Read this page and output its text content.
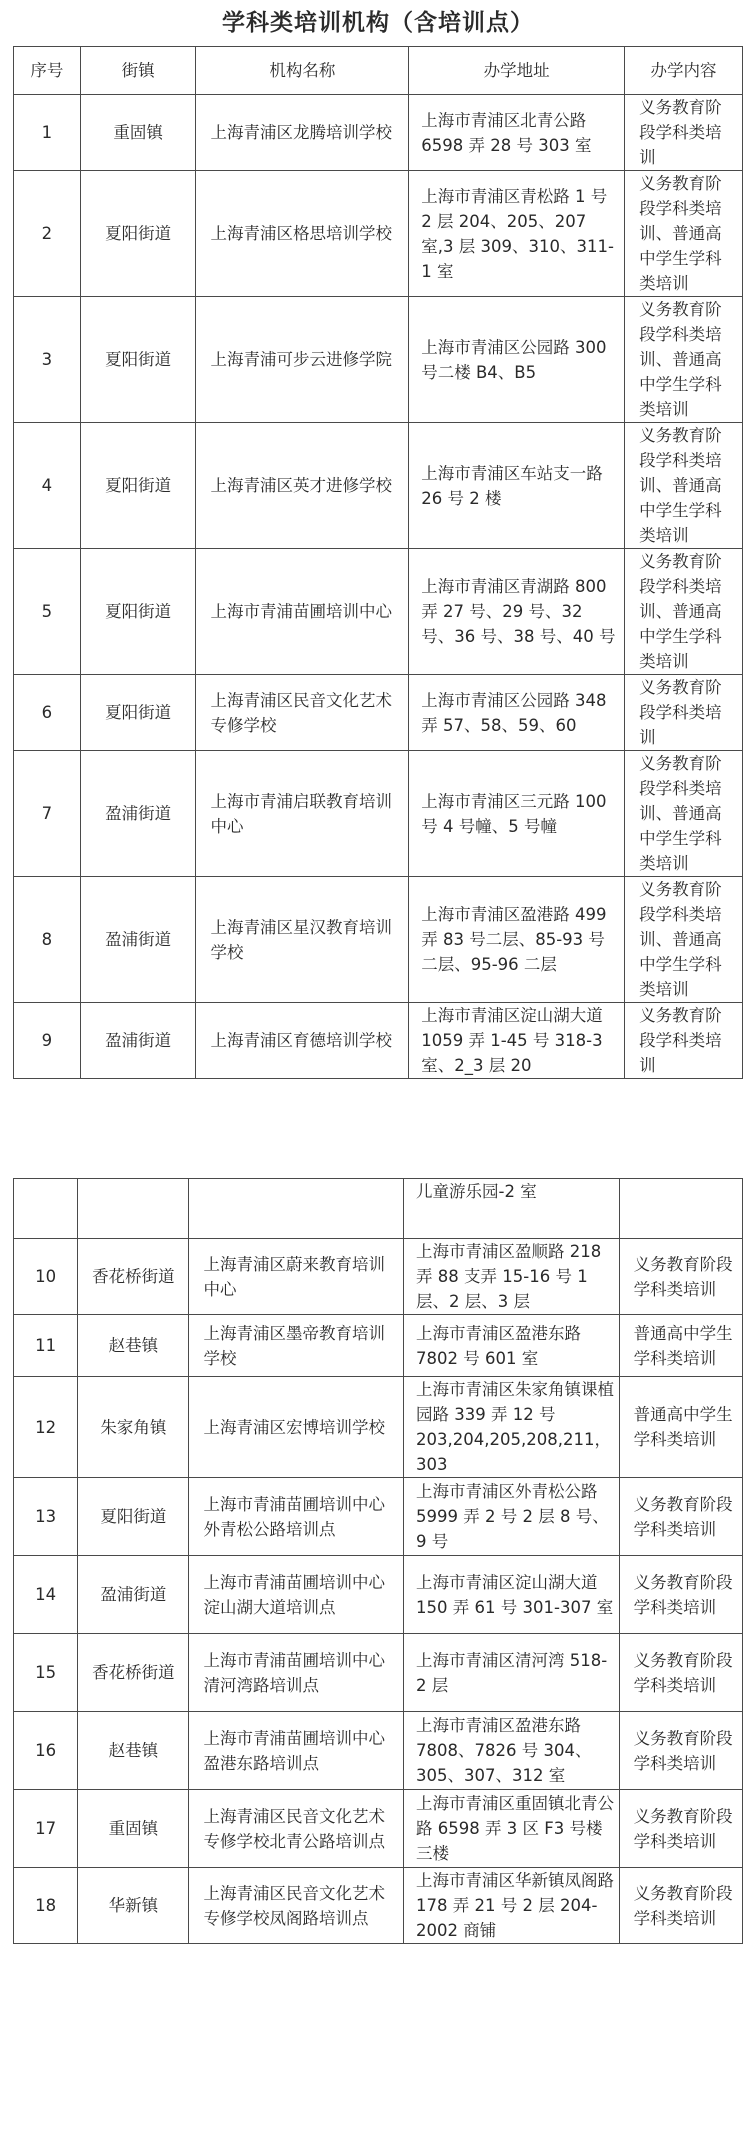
学科类培训机构（含培训点）
序号	街镇	机构名称	办学地址	办学内容

1	重固镇	上海青浦区龙腾培训学校	上海市青浦区北青公路 6598 弄 28 号 303 室	义务教育阶段学科类培训

2	夏阳街道	上海青浦区格思培训学校	上海市青浦区青松路 1 号 2 层 204、205、207 室,3 层 309、310、311-1 室	义务教育阶段学科类培训、普通高中学生学科类培训

3	夏阳街道	上海青浦可步云进修学院	上海市青浦区公园路 300 号二楼 B4、B5	义务教育阶段学科类培训、普通高中学生学科类培训

4	夏阳街道	上海青浦区英才进修学校	上海市青浦区车站支一路 26 号 2 楼	义务教育阶段学科类培训、普通高中学生学科类培训

5	夏阳街道	上海市青浦苗圃培训中心	上海市青浦区青湖路 800 弄 27 号、29 号、32 号、36 号、38 号、40 号	义务教育阶段学科类培训、普通高中学生学科类培训

6	夏阳街道	上海青浦区民音文化艺术专修学校	上海市青浦区公园路 348 弄 57、58、59、60	义务教育阶段学科类培训

7	盈浦街道	上海市青浦启联教育培训中心	上海市青浦区三元路 100 号 4 号幢、5 号幢	义务教育阶段学科类培训、普通高中学生学科类培训

8	盈浦街道	上海青浦区星汉教育培训学校	上海市青浦区盈港路 499 弄 83 号二层、85-93 号二层、95-96 二层	义务教育阶段学科类培训、普通高中学生学科类培训

9	盈浦街道	上海青浦区育德培训学校	上海市青浦区淀山湖大道 1059 弄 1-45 号 318-3 室、2_3 层 20	义务教育阶段学科类培训

			儿童游乐园-2 室	

10	香花桥街道	上海青浦区蔚来教育培训中心	上海市青浦区盈顺路 218 弄 88 支弄 15-16 号 1 层、2 层、3 层	义务教育阶段学科类培训

11	赵巷镇	上海青浦区墨帝教育培训学校	上海市青浦区盈港东路 7802 号 601 室	普通高中学生学科类培训

12	朱家角镇	上海青浦区宏博培训学校	上海市青浦区朱家角镇课植园路 339 弄 12 号 203,204,205,208,211，303	普通高中学生学科类培训

13	夏阳街道	上海市青浦苗圃培训中心外青松公路培训点	上海市青浦区外青松公路 5999 弄 2 号 2 层 8 号、9 号	义务教育阶段学科类培训

14	盈浦街道	上海市青浦苗圃培训中心淀山湖大道培训点	上海市青浦区淀山湖大道 150 弄 61 号 301-307 室	义务教育阶段学科类培训

15	香花桥街道	上海市青浦苗圃培训中心清河湾路培训点	上海市青浦区清河湾 518-2 层	义务教育阶段学科类培训

16	赵巷镇	上海市青浦苗圃培训中心盈港东路培训点	上海市青浦区盈港东路 7808、7826 号 304、305、307、312 室	义务教育阶段学科类培训

17	重固镇	上海青浦区民音文化艺术专修学校北青公路培训点	上海市青浦区重固镇北青公路 6598 弄 3 区 F3 号楼三楼	义务教育阶段学科类培训

18	华新镇	上海青浦区民音文化艺术专修学校凤阁路培训点	上海市青浦区华新镇凤阁路 178 弄 21 号 2 层 204-2002 商铺	义务教育阶段学科类培训
